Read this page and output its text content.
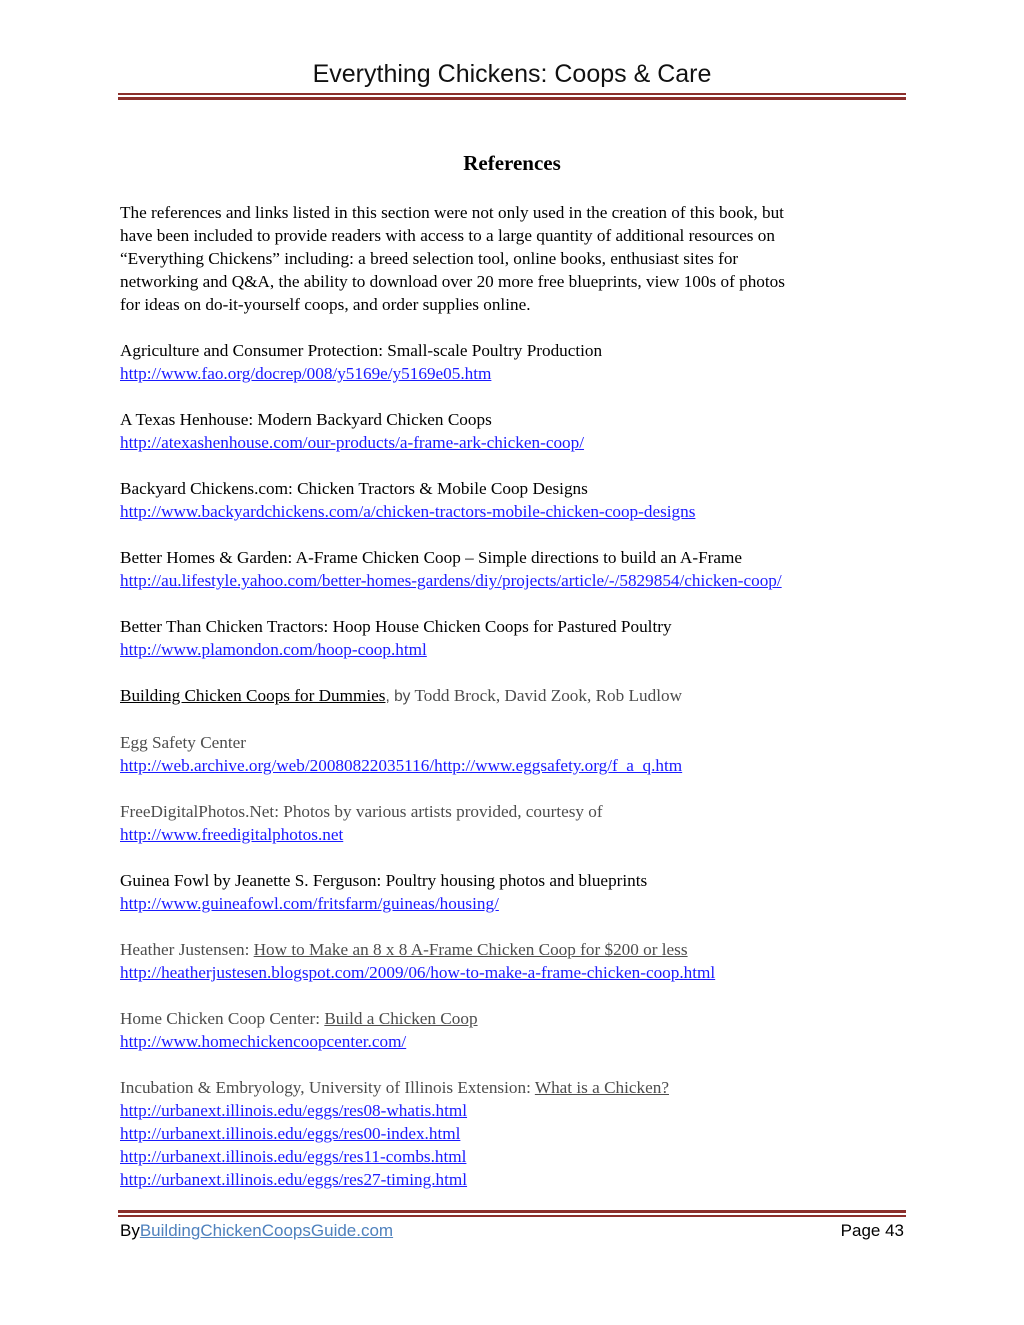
Everything Chickens: Coops & Care
References
The references and links listed in this section were not only used in the creation of this book, but
have been included to provide readers with access to a large quantity of additional resources on
“Everything Chickens” including: a breed selection tool, online books, enthusiast sites for
networking and Q&A, the ability to download over 20 more free blueprints, view 100s of photos
for ideas on do-it-yourself coops, and order supplies online.
Agriculture and Consumer Protection: Small-scale Poultry Production
http://www.fao.org/docrep/008/y5169e/y5169e05.htm
A Texas Henhouse: Modern Backyard Chicken Coops
http://atexashenhouse.com/our-products/a-frame-ark-chicken-coop/
Backyard Chickens.com: Chicken Tractors & Mobile Coop Designs
http://www.backyardchickens.com/a/chicken-tractors-mobile-chicken-coop-designs
Better Homes & Garden: A-Frame Chicken Coop – Simple directions to build an A-Frame
http://au.lifestyle.yahoo.com/better-homes-gardens/diy/projects/article/-/5829854/chicken-coop/
Better Than Chicken Tractors: Hoop House Chicken Coops for Pastured Poultry
http://www.plamondon.com/hoop-coop.html
Building Chicken Coops for Dummies, by Todd Brock, David Zook, Rob Ludlow
Egg Safety Center
http://web.archive.org/web/20080822035116/http://www.eggsafety.org/f_a_q.htm
FreeDigitalPhotos.Net: Photos by various artists provided, courtesy of
http://www.freedigitalphotos.net
Guinea Fowl by Jeanette S. Ferguson: Poultry housing photos and blueprints
http://www.guineafowl.com/fritsfarm/guineas/housing/
Heather Justensen: How to Make an 8 x 8 A-Frame Chicken Coop for $200 or less
http://heatherjustesen.blogspot.com/2009/06/how-to-make-a-frame-chicken-coop.html
Home Chicken Coop Center: Build a Chicken Coop
http://www.homechickencoopcenter.com/
Incubation & Embryology, University of Illinois Extension: What is a Chicken?
http://urbanext.illinois.edu/eggs/res08-whatis.html
http://urbanext.illinois.edu/eggs/res00-index.html
http://urbanext.illinois.edu/eggs/res11-combs.html
http://urbanext.illinois.edu/eggs/res27-timing.html
ByBuildingChickenCoopsGuide.com	Page 43
